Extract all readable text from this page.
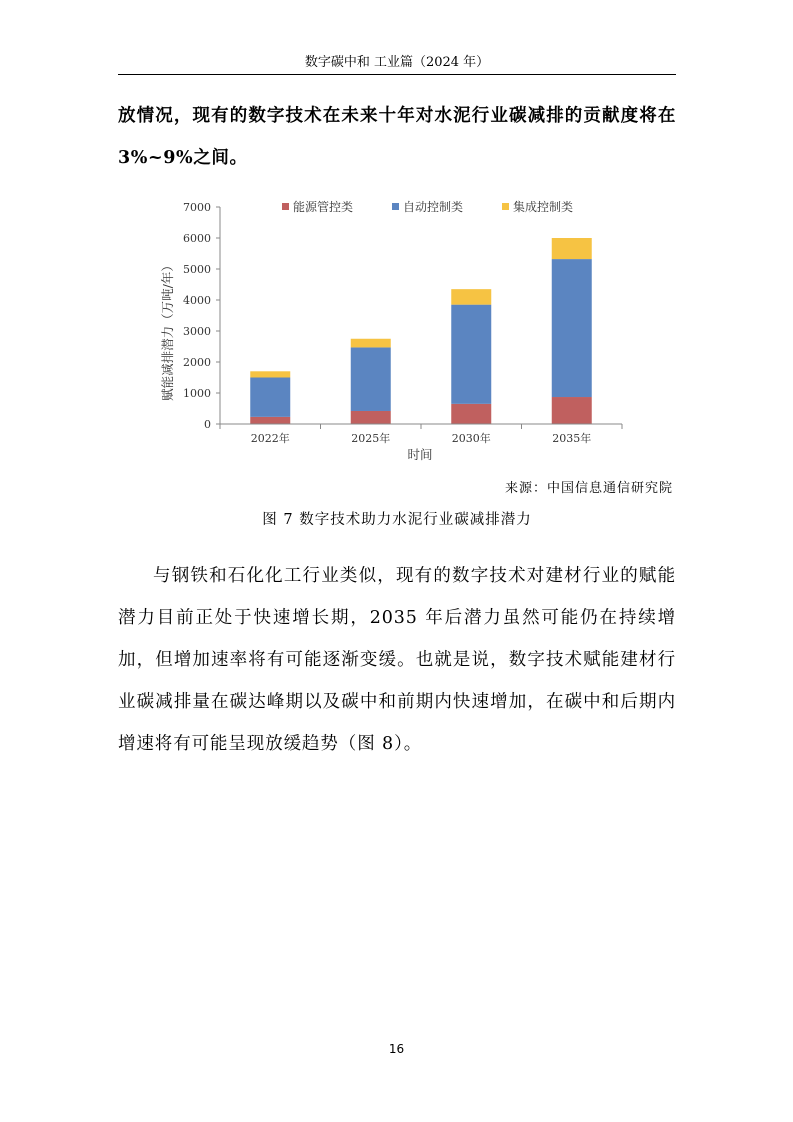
数字碳中和 工业篇（2024 年）

放情况，现有的数字技术在未来十年对水泥行业碳减排的贡献度将在3%~9%之间。

能源管控类	自动控制类	集成控制类
0
1000
2000
3000
4000
5000
6000
7000
2022年	2025年	2030年	2035年
赋能减排潜力（万吨/年）
时间
来源：中国信息通信研究院
图 7 数字技术助力水泥行业碳减排潜力

与钢铁和石化化工行业类似，现有的数字技术对建材行业的赋能潜力目前正处于快速增长期，2035 年后潜力虽然可能仍在持续增加，但增加速率将有可能逐渐变缓。也就是说，数字技术赋能建材行业碳减排量在碳达峰期以及碳中和前期内快速增加，在碳中和后期内增速将有可能呈现放缓趋势（图 8）。

16
